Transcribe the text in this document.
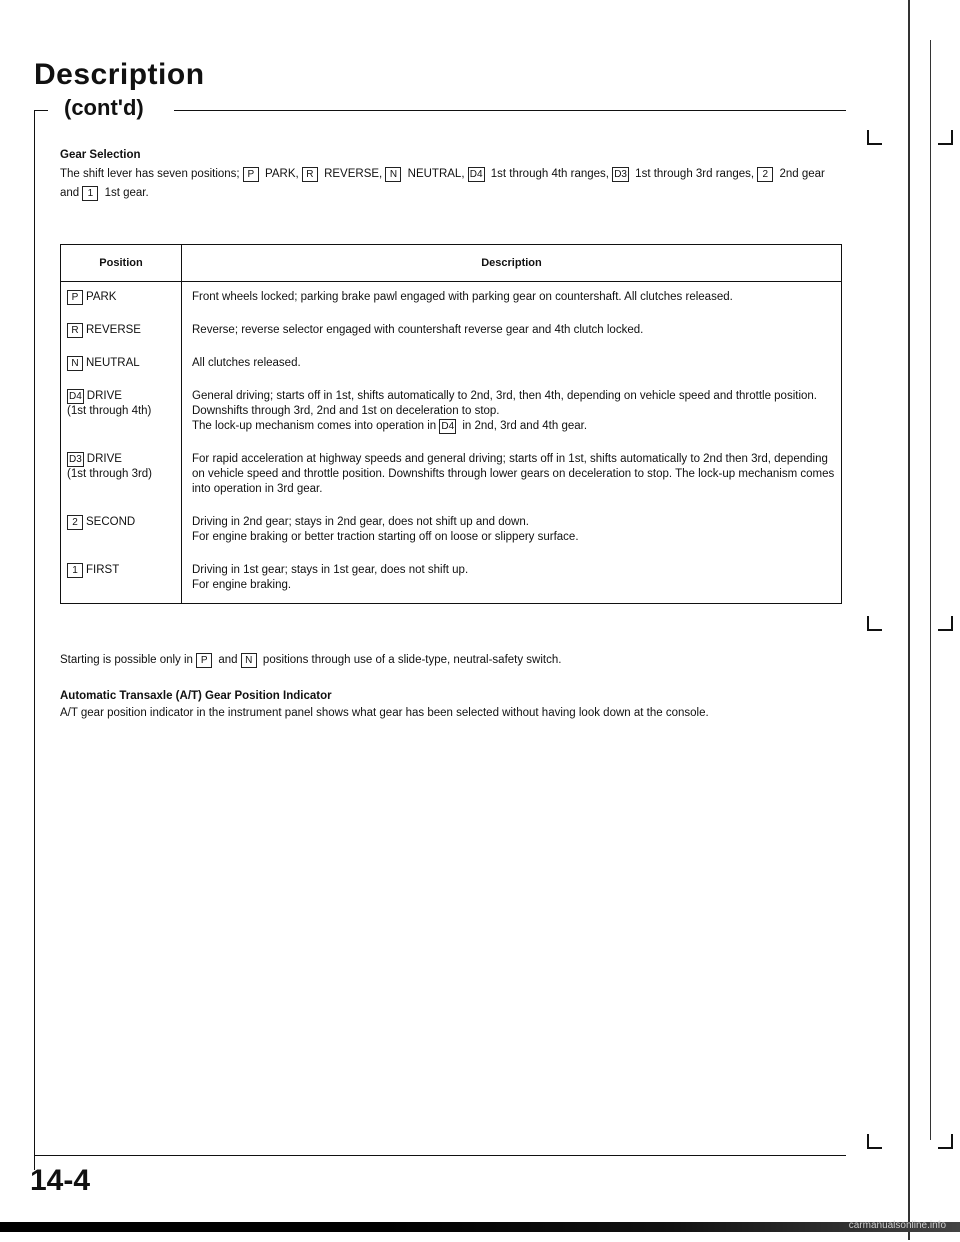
Description
(cont'd)
Gear Selection
The shift lever has seven positions; P PARK, R REVERSE, N NEUTRAL, D4 1st through 4th ranges, D3 1st through 3rd ranges, 2 2nd gear and 1 1st gear.
Position	Description
P PARK	Front wheels locked; parking brake pawl engaged with parking gear on countershaft. All clutches released.
R REVERSE	Reverse; reverse selector engaged with countershaft reverse gear and 4th clutch locked.
N NEUTRAL	All clutches released.
D4 DRIVE
(1st through 4th)	General driving; starts off in 1st, shifts automatically to 2nd, 3rd, then 4th, depending on vehicle speed and throttle position. Downshifts through 3rd, 2nd and 1st on deceleration to stop.
The lock-up mechanism comes into operation in D4 in 2nd, 3rd and 4th gear.
D3 DRIVE
(1st through 3rd)	For rapid acceleration at highway speeds and general driving; starts off in 1st, shifts automatically to 2nd then 3rd, depending on vehicle speed and throttle position. Downshifts through lower gears on deceleration to stop. The lock-up mechanism comes into operation in 3rd gear.
2 SECOND	Driving in 2nd gear; stays in 2nd gear, does not shift up and down.
For engine braking or better traction starting off on loose or slippery surface.
1 FIRST	Driving in 1st gear; stays in 1st gear, does not shift up.
For engine braking.

Starting is possible only in P and N positions through use of a slide-type, neutral-safety switch.

Automatic Transaxle (A/T) Gear Position Indicator
A/T gear position indicator in the instrument panel shows what gear has been selected without having look down at the console.

14-4
carmanualsonline.info
